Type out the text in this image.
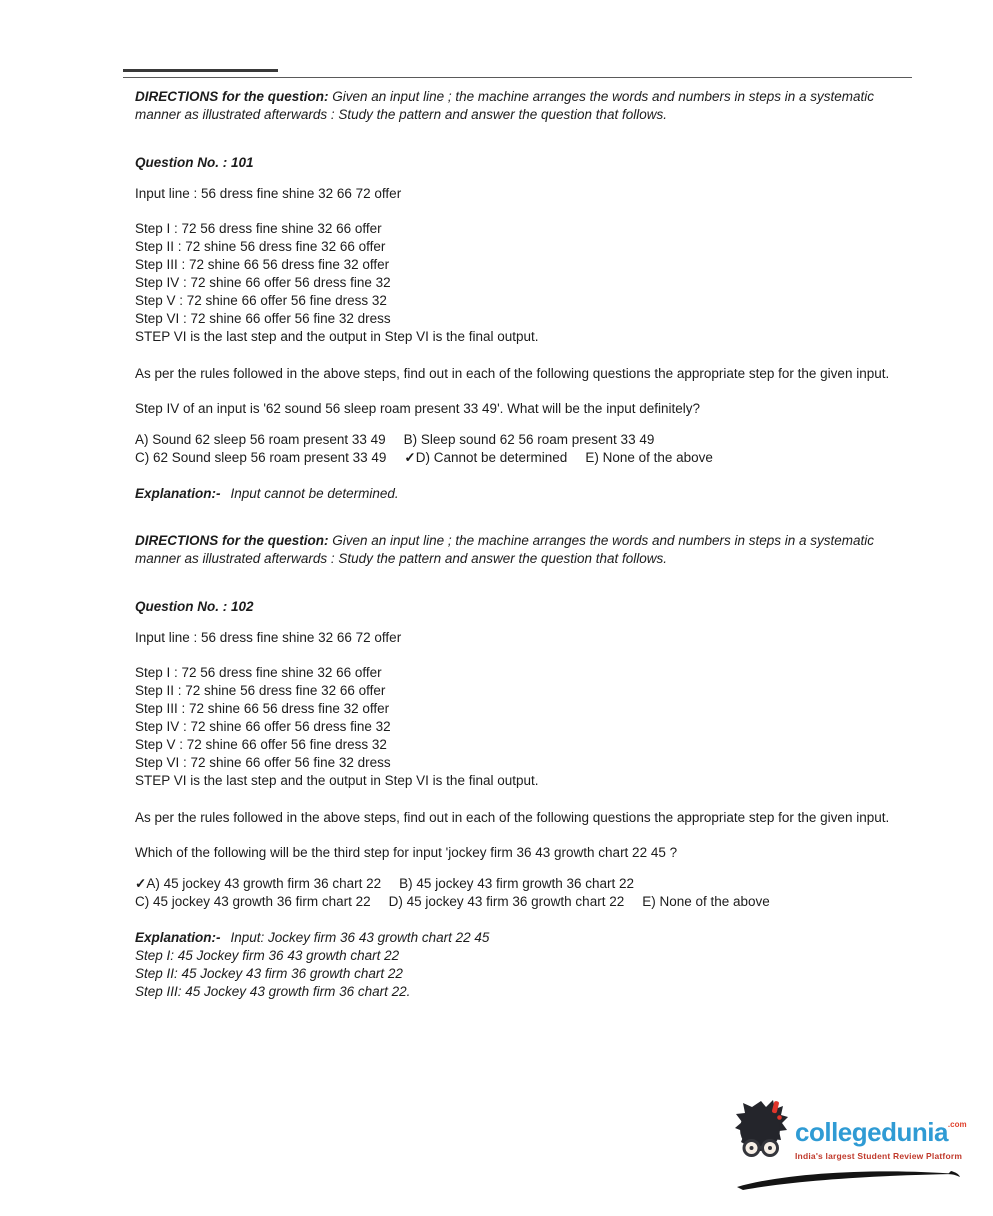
DIRECTIONS for the question: Given an input line ; the machine arranges the words and numbers in steps in a systematic manner as illustrated afterwards : Study the pattern and answer the question that follows.

Question No. : 101

Input line : 56 dress fine shine 32 66 72 offer

Step I : 72 56 dress fine shine 32 66 offer
Step II : 72 shine 56 dress fine 32 66 offer
Step III : 72 shine 66 56 dress fine 32 offer
Step IV : 72 shine 66 offer 56 dress fine 32
Step V : 72 shine 66 offer 56 fine dress 32
Step VI : 72 shine 66 offer 56 fine 32 dress
STEP VI is the last step and the output in Step VI is the final output.

As per the rules followed in the above steps, find out in each of the following questions the appropriate step for the given input.

Step IV of an input is '62 sound 56 sleep roam present 33 49'. What will be the input definitely?

A) Sound 62 sleep 56 roam present 33 49 B) Sleep sound 62 56 roam present 33 49
C) 62 Sound sleep 56 roam present 33 49 ✓D) Cannot be determined E) None of the above

Explanation:- Input cannot be determined.

DIRECTIONS for the question: Given an input line ; the machine arranges the words and numbers in steps in a systematic manner as illustrated afterwards : Study the pattern and answer the question that follows.

Question No. : 102

Input line : 56 dress fine shine 32 66 72 offer

Step I : 72 56 dress fine shine 32 66 offer
Step II : 72 shine 56 dress fine 32 66 offer
Step III : 72 shine 66 56 dress fine 32 offer
Step IV : 72 shine 66 offer 56 dress fine 32
Step V : 72 shine 66 offer 56 fine dress 32
Step VI : 72 shine 66 offer 56 fine 32 dress
STEP VI is the last step and the output in Step VI is the final output.

As per the rules followed in the above steps, find out in each of the following questions the appropriate step for the given input.

Which of the following will be the third step for input 'jockey firm 36 43 growth chart 22 45 ?

✓A) 45 jockey 43 growth firm 36 chart 22 B) 45 jockey 43 firm growth 36 chart 22
C) 45 jockey 43 growth 36 firm chart 22 D) 45 jockey 43 firm 36 growth chart 22 E) None of the above
Explanation:- Input: Jockey firm 36 43 growth chart 22 45
Step I: 45 Jockey firm 36 43 growth chart 22
Step II: 45 Jockey 43 firm 36 growth chart 22
Step III: 45 Jockey 43 growth firm 36 chart 22.
collegedunia .com
India's largest Student Review Platform
